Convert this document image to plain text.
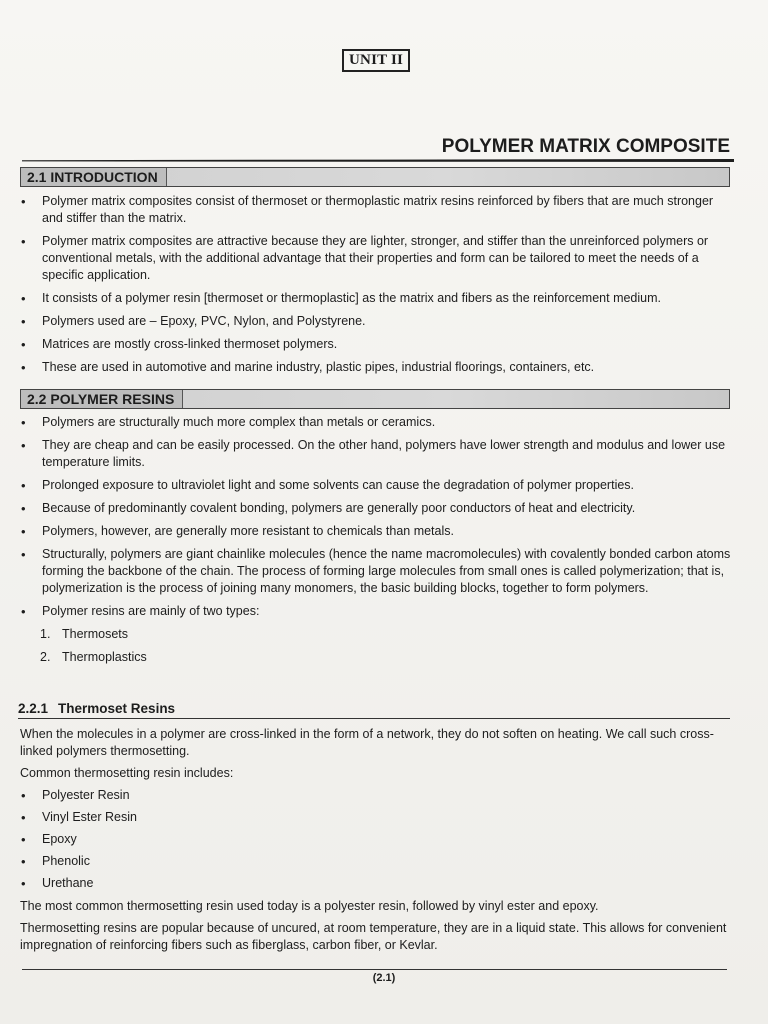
UNIT II
POLYMER MATRIX COMPOSITE
2.1 INTRODUCTION
• Polymer matrix composites consist of thermoset or thermoplastic matrix resins reinforced by fibers that are much stronger and stiffer than the matrix.
• Polymer matrix composites are attractive because they are lighter, stronger, and stiffer than the unreinforced polymers or conventional metals, with the additional advantage that their properties and form can be tailored to meet the needs of a specific application.
• It consists of a polymer resin [thermoset or thermoplastic] as the matrix and fibers as the reinforcement medium.
• Polymers used are – Epoxy, PVC, Nylon, and Polystyrene.
• Matrices are mostly cross-linked thermoset polymers.
• These are used in automotive and marine industry, plastic pipes, industrial floorings, containers, etc.
2.2 POLYMER RESINS
• Polymers are structurally much more complex than metals or ceramics.
• They are cheap and can be easily processed. On the other hand, polymers have lower strength and modulus and lower use temperature limits.
• Prolonged exposure to ultraviolet light and some solvents can cause the degradation of polymer properties.
• Because of predominantly covalent bonding, polymers are generally poor conductors of heat and electricity.
• Polymers, however, are generally more resistant to chemicals than metals.
• Structurally, polymers are giant chainlike molecules (hence the name macromolecules) with covalently bonded carbon atoms forming the backbone of the chain. The process of forming large molecules from small ones is called polymerization; that is, polymerization is the process of joining many monomers, the basic building blocks, together to form polymers.
• Polymer resins are mainly of two types:
1. Thermosets
2. Thermoplastics
2.2.1 Thermoset Resins

When the molecules in a polymer are cross-linked in the form of a network, they do not soften on heating. We call such cross-linked polymers thermosetting.

Common thermosetting resin includes:

• Polyester Resin
• Vinyl Ester Resin
• Epoxy
• Phenolic
• Urethane

The most common thermosetting resin used today is a polyester resin, followed by vinyl ester and epoxy.

Thermosetting resins are popular because of uncured, at room temperature, they are in a liquid state. This allows for convenient impregnation of reinforcing fibers such as fiberglass, carbon fiber, or Kevlar.

(2.1)
